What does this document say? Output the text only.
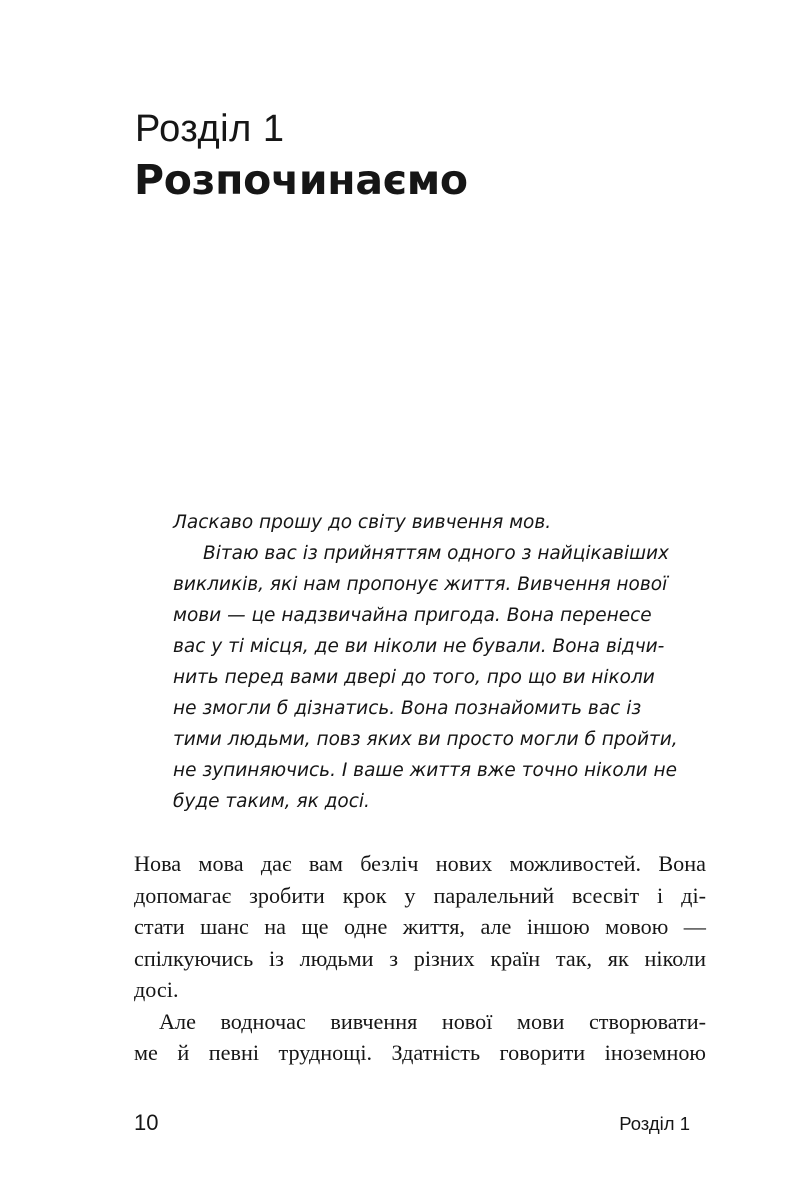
Розділ 1
Розпочинаємо
Ласкаво прошу до світу вивчення мов.
Вітаю вас із прийняттям одного з найцікавіших
викликів, які нам пропонує життя. Вивчення нової
мови — це надзвичайна пригода. Вона перенесе
вас у ті місця, де ви ніколи не бували. Вона відчи-
нить перед вами двері до того, про що ви ніколи
не змогли б дізнатись. Вона познайомить вас із
тими людьми, повз яких ви просто могли б пройти,
не зупиняючись. І ваше життя вже точно ніколи не
буде таким, як досі.
Нова мова дає вам безліч нових можливостей. Вона
допомагає зробити крок у паралельний всесвіт і ді-
стати шанс на ще одне життя, але іншою мовою —
спілкуючись із людьми з різних країн так, як ніколи
досі.
Але водночас вивчення нової мови створювати-
ме й певні труднощі. Здатність говорити іноземною
10	Розділ 1
